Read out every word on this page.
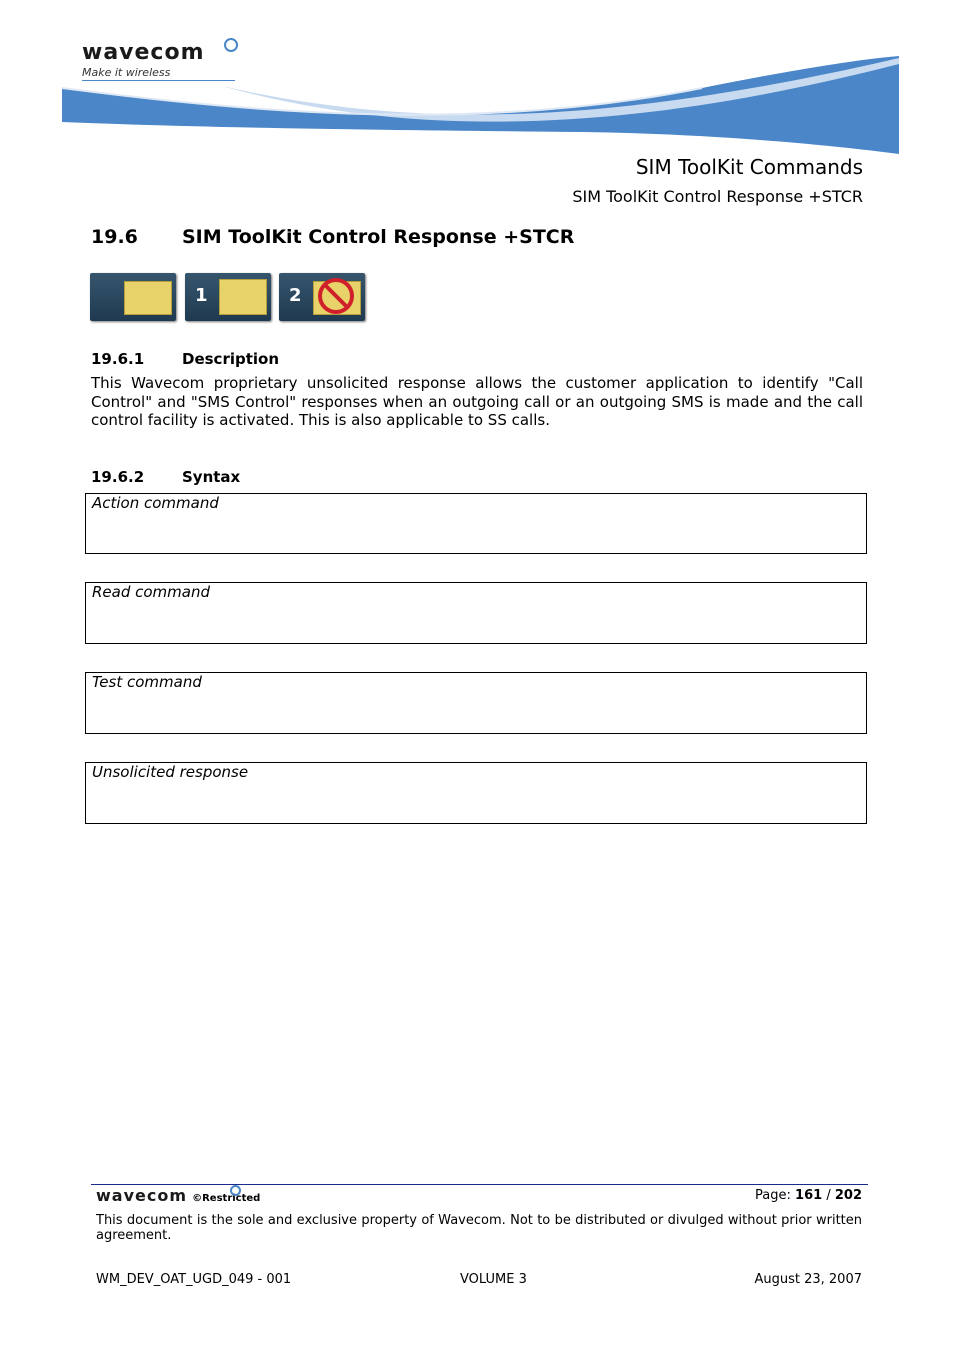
wavecom
Make it wireless
SIM ToolKit Commands
SIM ToolKit Control Response +STCR
19.6 SIM ToolKit Control Response +STCR
1	2
19.6.1	Description

This Wavecom proprietary unsolicited response allows the customer application to identify "Call Control" and "SMS Control" responses when an outgoing call or an outgoing SMS is made and the call control facility is activated. This is also applicable to SS calls.

19.6.2	Syntax
Action command
Read command
Test command
Unsolicited response
wavecom ©Restricted	Page: 161 / 202

This document is the sole and exclusive property of Wavecom. Not to be distributed or divulged without prior written agreement.

WM_DEV_OAT_UGD_049 - 001	VOLUME 3	August 23, 2007
